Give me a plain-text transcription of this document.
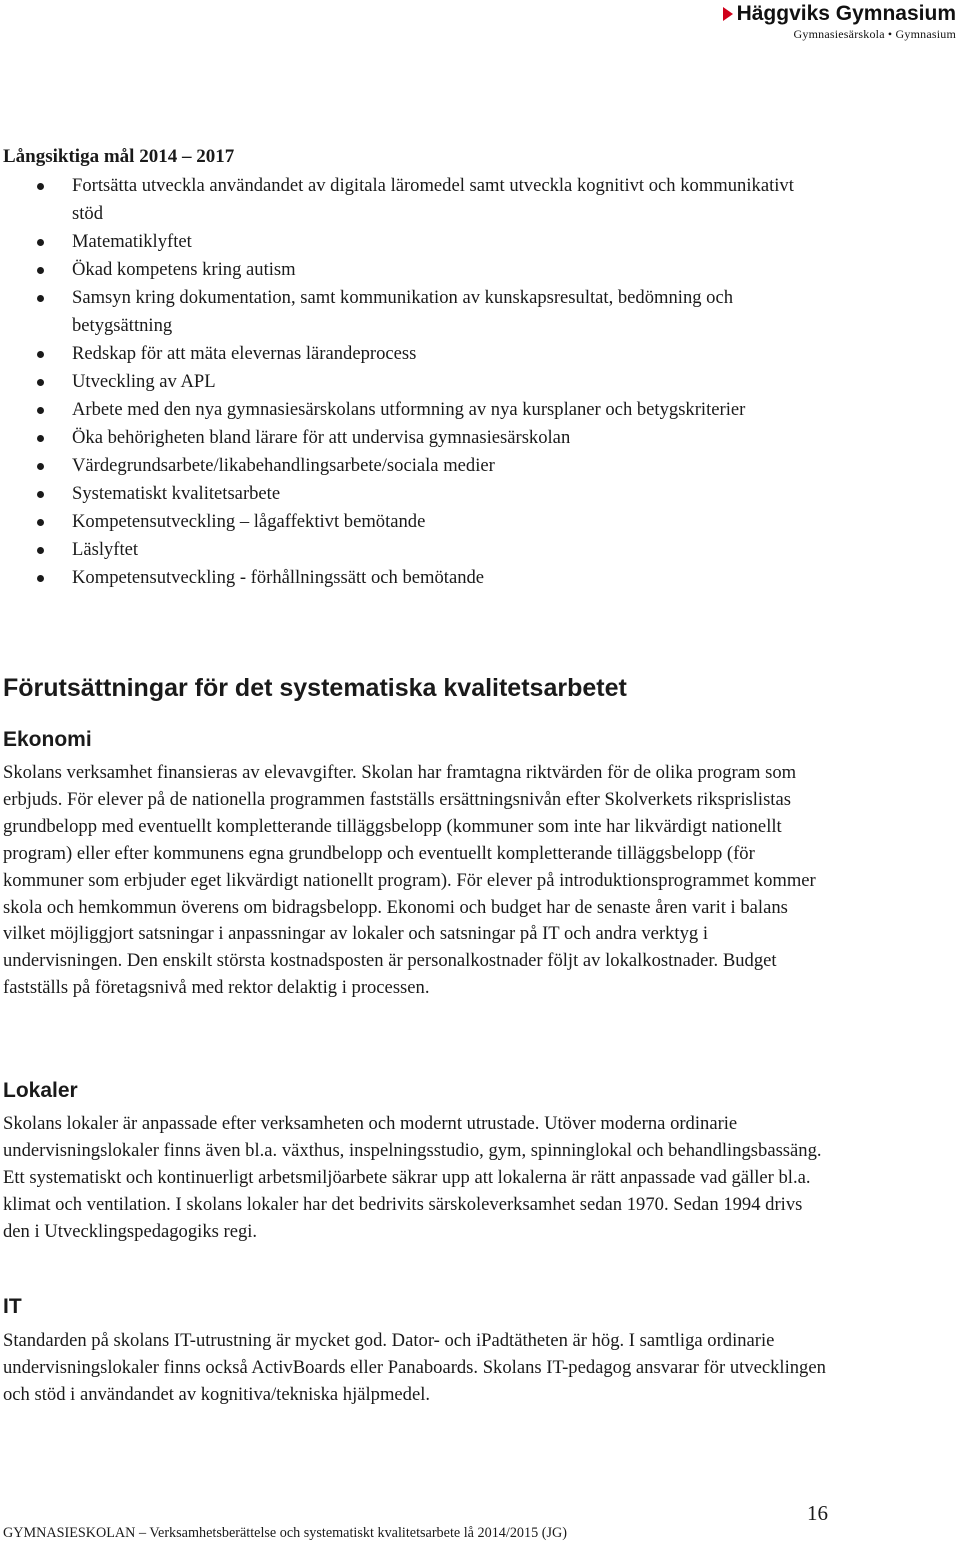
Häggviks Gymnasium
Gymnasiesärskola • Gymnasium
Långsiktiga mål 2014 – 2017
Fortsätta utveckla användandet av digitala läromedel samt utveckla kognitivt och kommunikativt stöd
Matematiklyftet
Ökad kompetens kring autism
Samsyn kring dokumentation, samt kommunikation av kunskapsresultat, bedömning och betygsättning
Redskap för att mäta elevernas lärandeprocess
Utveckling av APL
Arbete med den nya gymnasiesärskolans utformning av nya kursplaner och betygskriterier
Öka behörigheten bland lärare för att undervisa gymnasiesärskolan
Värdegrundsarbete/likabehandlingsarbete/sociala medier
Systematiskt kvalitetsarbete
Kompetensutveckling – lågaffektivt bemötande
Läslyftet
Kompetensutveckling - förhållningssätt och bemötande
Förutsättningar för det systematiska kvalitetsarbetet
Ekonomi

Skolans verksamhet finansieras av elevavgifter. Skolan har framtagna riktvärden för de olika program som erbjuds. För elever på de nationella programmen fastställs ersättningsnivån efter Skolverkets riksprislistas grundbelopp med eventuellt kompletterande tilläggsbelopp (kommuner som inte har likvärdigt nationellt program) eller efter kommunens egna grundbelopp och eventuellt kompletterande tilläggsbelopp (för kommuner som erbjuder eget likvärdigt nationellt program). För elever på introduktionsprogrammet kommer skola och hemkommun överens om bidragsbelopp. Ekonomi och budget har de senaste åren varit i balans vilket möjliggjort satsningar i anpassningar av lokaler och satsningar på IT och andra verktyg i undervisningen. Den enskilt största kostnadsposten är personalkostnader följt av lokalkostnader. Budget fastställs på företagsnivå med rektor delaktig i processen.

Lokaler

Skolans lokaler är anpassade efter verksamheten och modernt utrustade. Utöver moderna ordinarie undervisningslokaler finns även bl.a. växthus, inspelningsstudio, gym, spinninglokal och behandlingsbassäng. Ett systematiskt och kontinuerligt arbetsmiljöarbete säkrar upp att lokalerna är rätt anpassade vad gäller bl.a. klimat och ventilation. I skolans lokaler har det bedrivits särskoleverksamhet sedan 1970. Sedan 1994 drivs den i Utvecklingspedagogiks regi.

IT

Standarden på skolans IT-utrustning är mycket god. Dator- och iPadtätheten är hög. I samtliga ordinarie undervisningslokaler finns också ActivBoards eller Panaboards. Skolans IT-pedagog ansvarar för utvecklingen och stöd i användandet av kognitiva/tekniska hjälpmedel.

16
GYMNASIESKOLAN – Verksamhetsberättelse och systematiskt kvalitetsarbete lå 2014/2015 (JG)
